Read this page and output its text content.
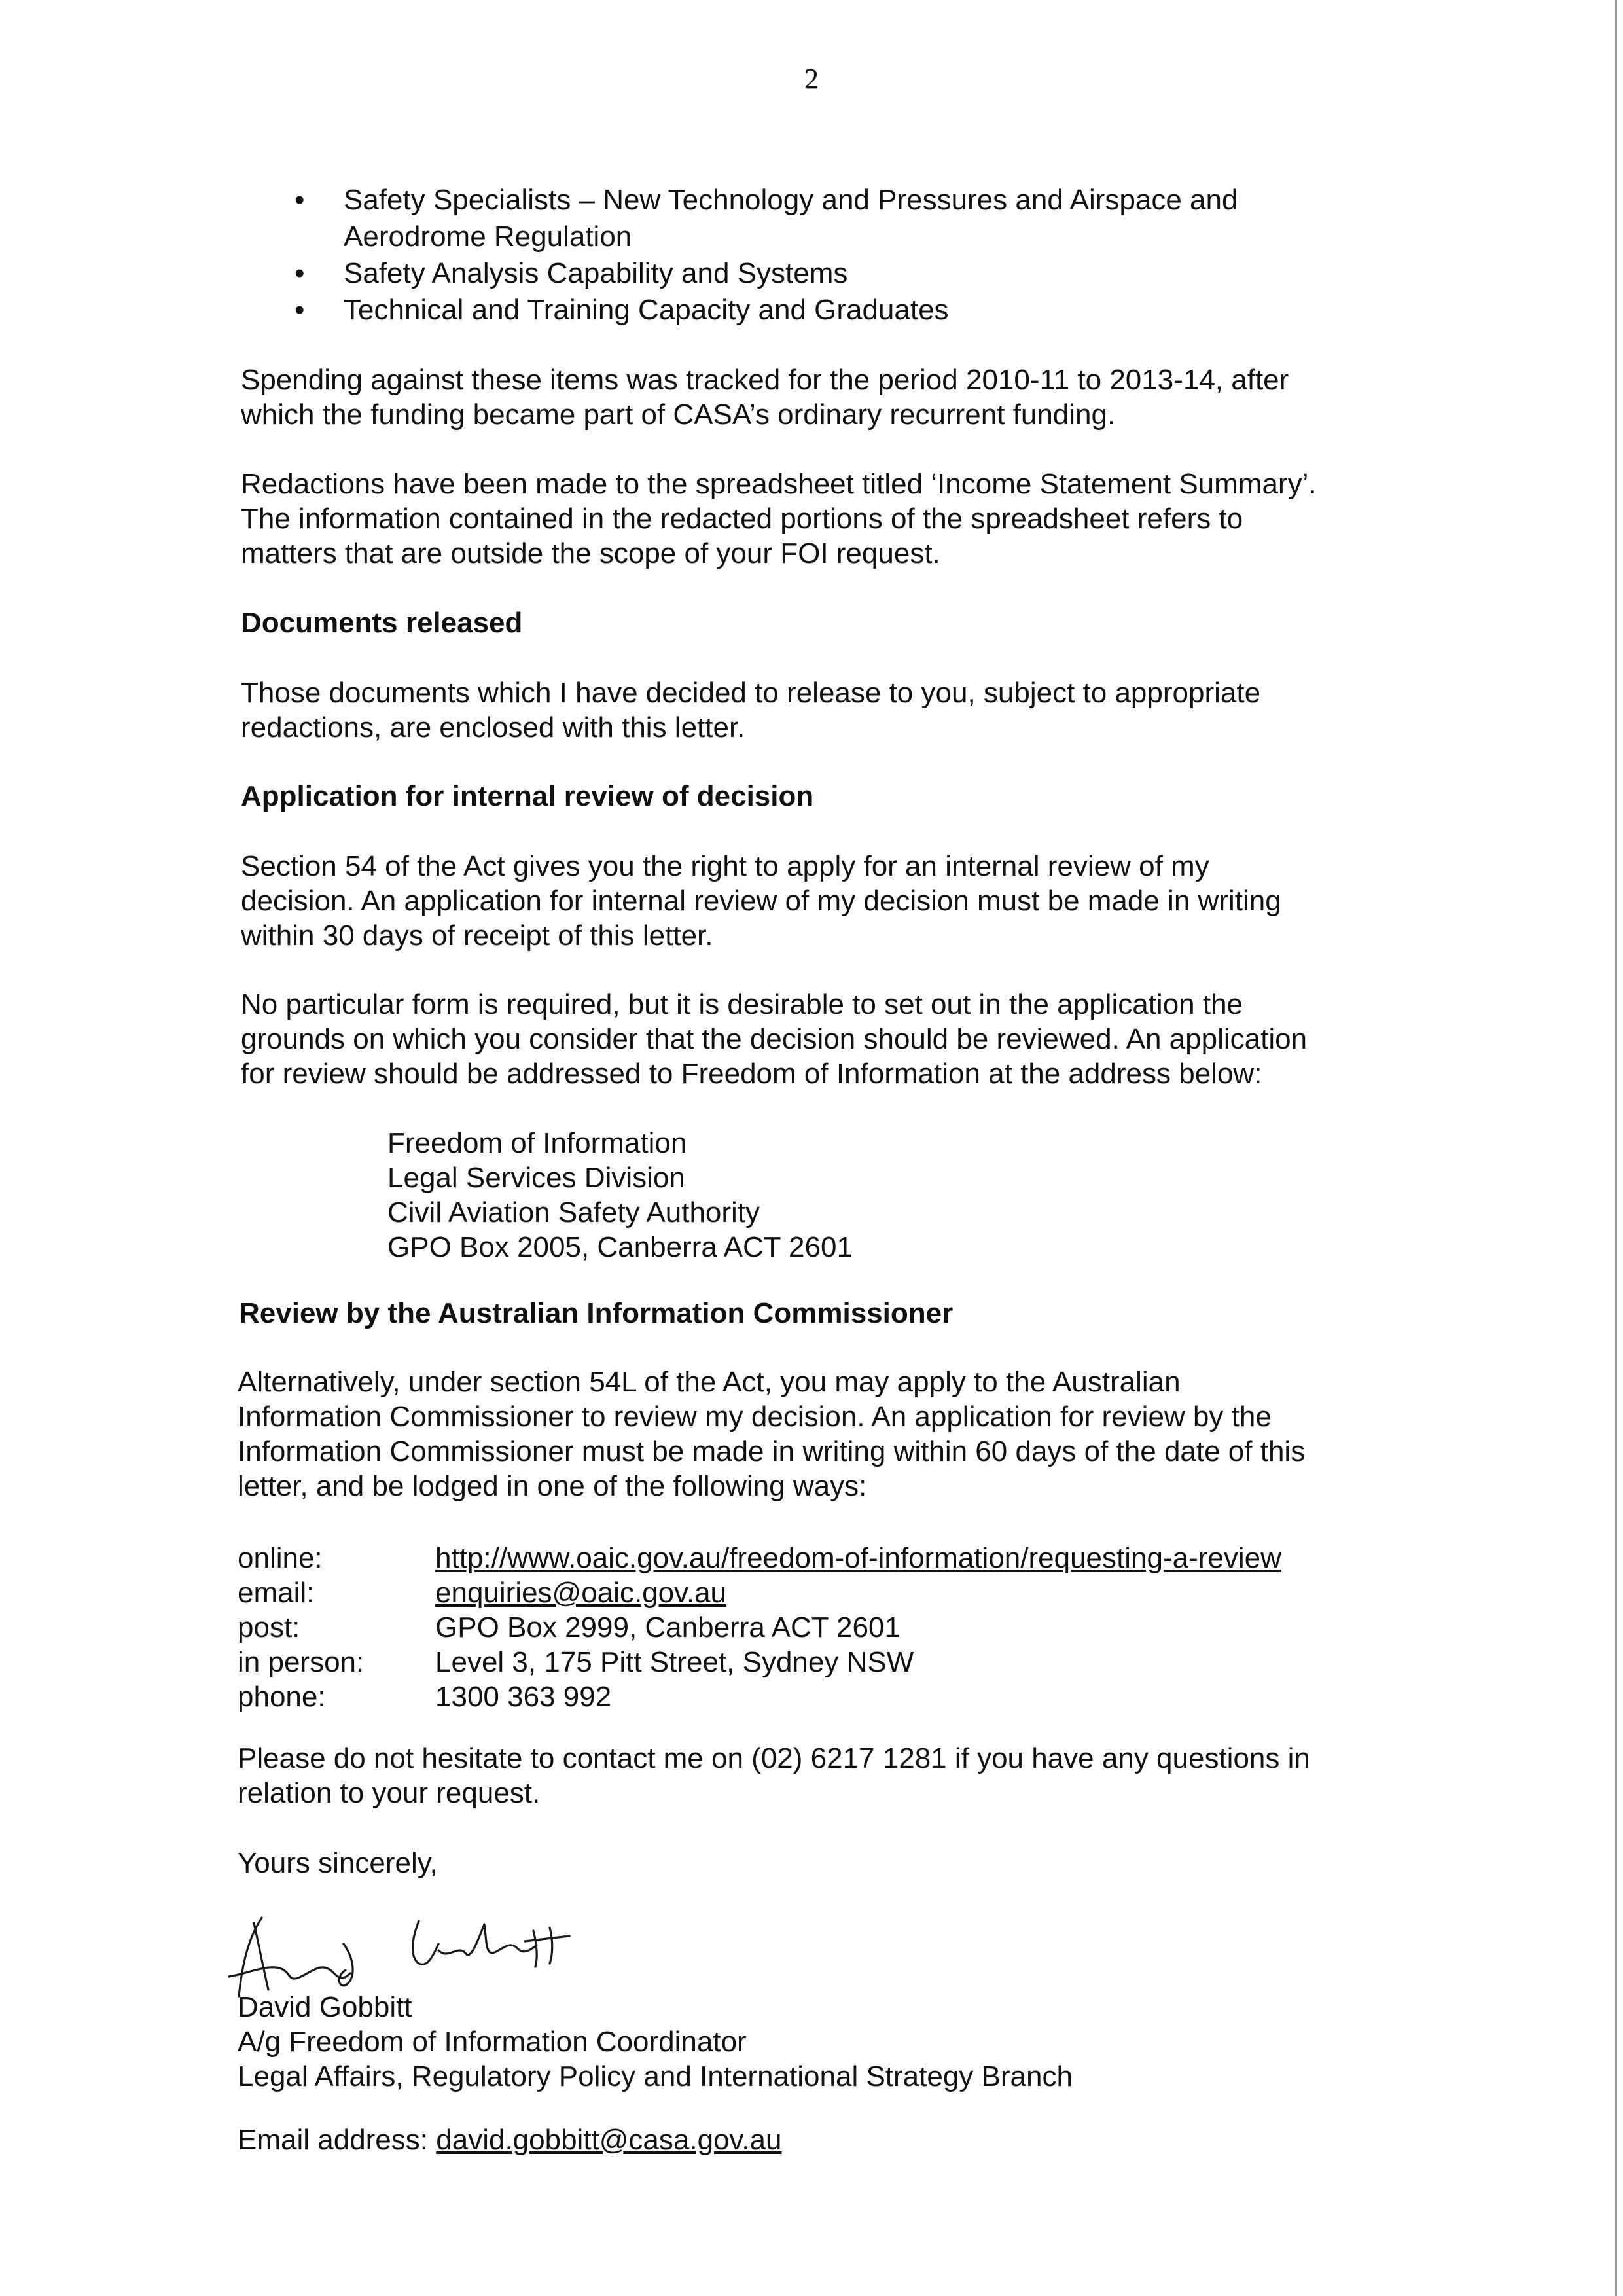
2
• Safety Specialists – New Technology and Pressures and Airspace and
Aerodrome Regulation
• Safety Analysis Capability and Systems
• Technical and Training Capacity and Graduates

Spending against these items was tracked for the period 2010-11 to 2013-14, after

which the funding became part of CASA’s ordinary recurrent funding.

Redactions have been made to the spreadsheet titled ‘Income Statement Summary’.

The information contained in the redacted portions of the spreadsheet refers to

matters that are outside the scope of your FOI request.

Documents released

Those documents which I have decided to release to you, subject to appropriate

redactions, are enclosed with this letter.

Application for internal review of decision

Section 54 of the Act gives you the right to apply for an internal review of my

decision. An application for internal review of my decision must be made in writing

within 30 days of receipt of this letter.

No particular form is required, but it is desirable to set out in the application the

grounds on which you consider that the decision should be reviewed. An application

for review should be addressed to Freedom of Information at the address below:

Freedom of Information
Legal Services Division
Civil Aviation Safety Authority
GPO Box 2005, Canberra ACT 2601
Review by the Australian Information Commissioner

Alternatively, under section 54L of the Act, you may apply to the Australian

Information Commissioner to review my decision. An application for review by the

Information Commissioner must be made in writing within 60 days of the date of this

letter, and be lodged in one of the following ways:

online:	http://www.oaic.gov.au/freedom-of-information/requesting-a-review
email:	enquiries@oaic.gov.au
post:	GPO Box 2999, Canberra ACT 2601
in person:	Level 3, 175 Pitt Street, Sydney NSW
phone:	1300 363 992

Please do not hesitate to contact me on (02) 6217 1281 if you have any questions in

relation to your request.

Yours sincerely,

David Gobbitt

A/g Freedom of Information Coordinator

Legal Affairs, Regulatory Policy and International Strategy Branch

Email address: david.gobbitt@casa.gov.au
